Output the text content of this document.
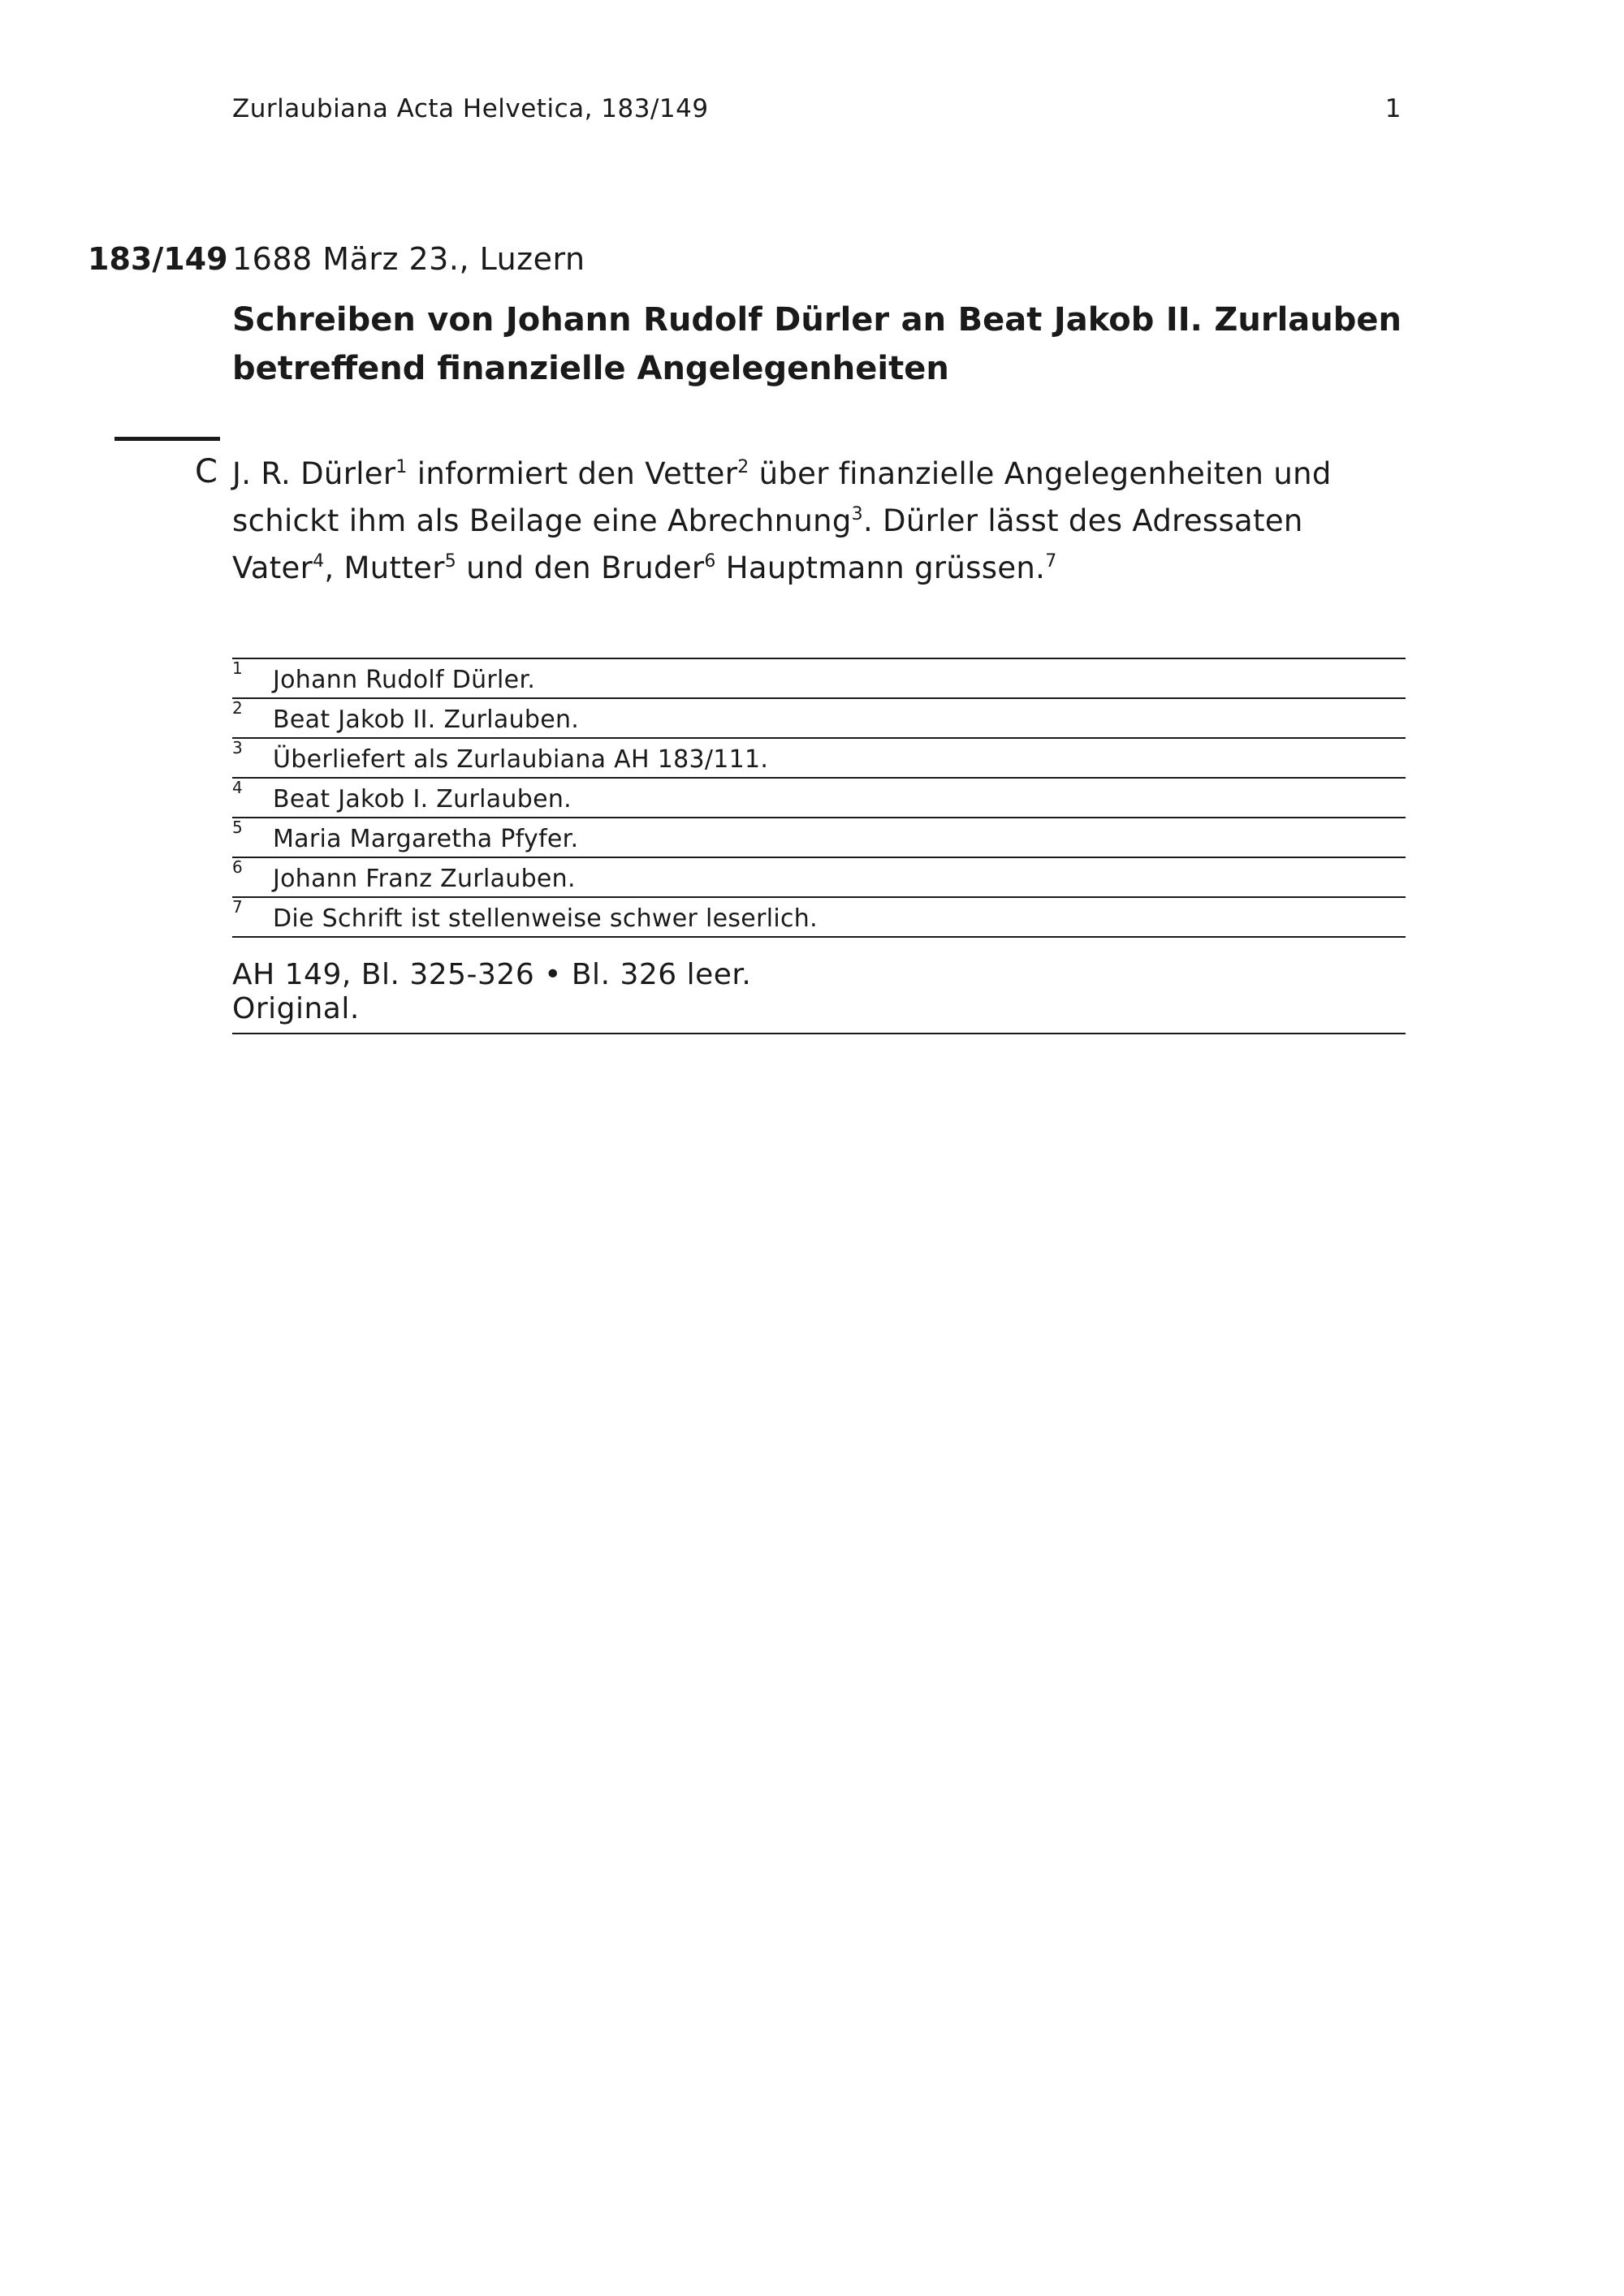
Zurlaubiana Acta Helvetica, 183/149	1
183/149 1688 März 23., Luzern
Schreiben von Johann Rudolf Dürler an Beat Jakob II. Zurlauben betreffend finanzielle Angelegenheiten
C J. R. Dürler$^1$ informiert den Vetter$^2$ über finanzielle Angelegenheiten und schickt ihm als Beilage eine Abrechnung$^3$. Dürler lässt des Adressaten Vater$^4$, Mutter$^5$ und den Bruder$^6$ Hauptmann grüssen.$^7$
1 Johann Rudolf Dürler.
2 Beat Jakob II. Zurlauben.
3 Überliefert als Zurlaubiana AH 183/111.
4 Beat Jakob I. Zurlauben.
5 Maria Margaretha Pfyfer.
6 Johann Franz Zurlauben.
7 Die Schrift ist stellenweise schwer leserlich.
AH 149, Bl. 325-326 • Bl. 326 leer.
Original.
